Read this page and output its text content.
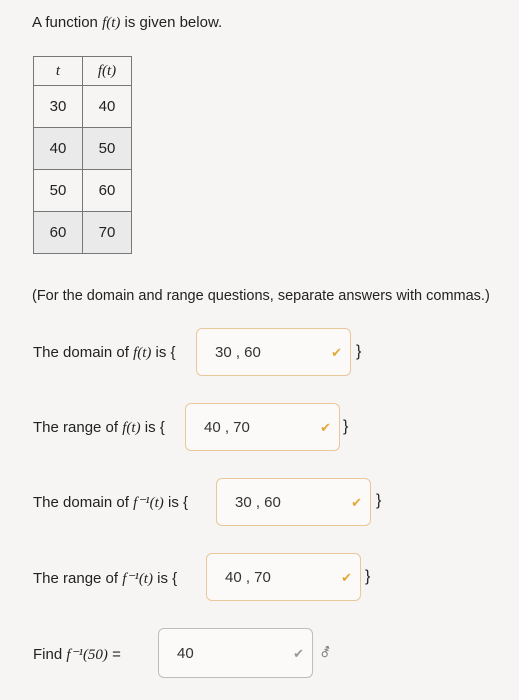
A function f(t) is given below.
t	f(t)
30	40
40	50
50	60
60	70
(For the domain and range questions, separate answers with commas.)
The domain of f(t) is {	30 , 60	✔ }
The range of f(t) is {	40 , 70	✔ }
The domain of f⁻¹(t) is {	30 , 60	✔ }
The range of f⁻¹(t) is {	40 , 70	✔ }
Find f⁻¹(50) =	40	✔ ⚦
